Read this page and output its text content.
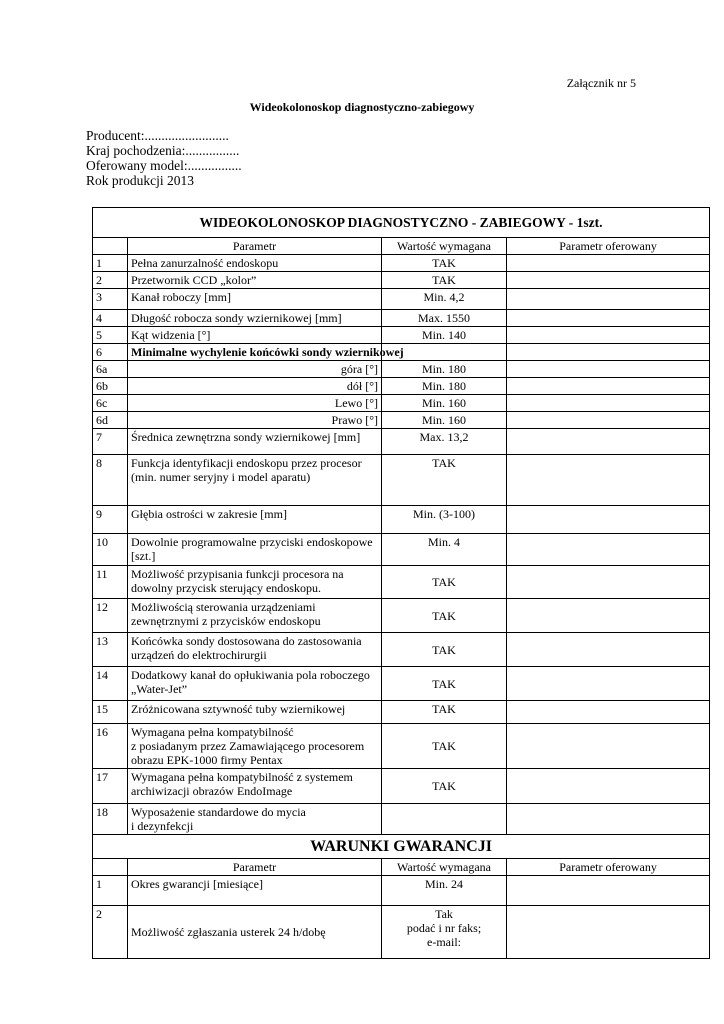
Załącznik nr 5
Wideokolonoskop diagnostyczno-zabiegowy
Producent:.........................
Kraj pochodzenia:................
Oferowany model:................
Rok produkcji 2013
WIDEOKOLONOSKOP DIAGNOSTYCZNO - ZABIEGOWY - 1szt.			
	Parametr	Wartość wymagana	Parametr oferowany
1	Pełna zanurzalność endoskopu	TAK	
2	Przetwornik CCD „kolor”	TAK	
3	Kanał roboczy [mm]	Min. 4,2	
4	Długość robocza sondy wziernikowej [mm]	Max. 1550	
5	Kąt widzenia [°]	Min. 140	
6	Minimalne wychylenie końcówki sondy wziernikowej		
6a	góra [°]	Min. 180	
6b	dół [°]	Min. 180	
6c	Lewo [°]	Min. 160	
6d	Prawo [°]	Min. 160	
7	Średnica zewnętrzna sondy wziernikowej [mm]	Max. 13,2	
8	Funkcja identyfikacji endoskopu przez procesor
(min. numer seryjny i model aparatu)	TAK	
9	Głębia ostrości w zakresie [mm]	Min. (3-100)	
10	Dowolnie programowalne przyciski endoskopowe
[szt.]	Min. 4	
11	Możliwość przypisania funkcji procesora na
dowolny przycisk sterujący endoskopu.	TAK	
12	Możliwością sterowania urządzeniami
zewnętrznymi z przycisków endoskopu	TAK	
13	Końcówka sondy dostosowana do zastosowania
urządzeń do elektrochirurgii	TAK	
14	Dodatkowy kanał do opłukiwania pola roboczego
„Water-Jet”	TAK	
15	Zróżnicowana sztywność tuby wziernikowej	TAK	
16	Wymagana pełna kompatybilność
z posiadanym przez Zamawiającego procesorem
obrazu EPK-1000 firmy Pentax	TAK	
17	Wymagana pełna kompatybilność z systemem
archiwizacji obrazów EndoImage	TAK	
18	Wyposażenie standardowe do mycia
i dezynfekcji		

WARUNKI GWARANCJI			
	Parametr	Wartość wymagana	Parametr oferowany
1	Okres gwarancji [miesiące]	Min. 24	
2	Możliwość zgłaszania usterek 24 h/dobę	Tak
podać i nr faks;
e-mail:	
